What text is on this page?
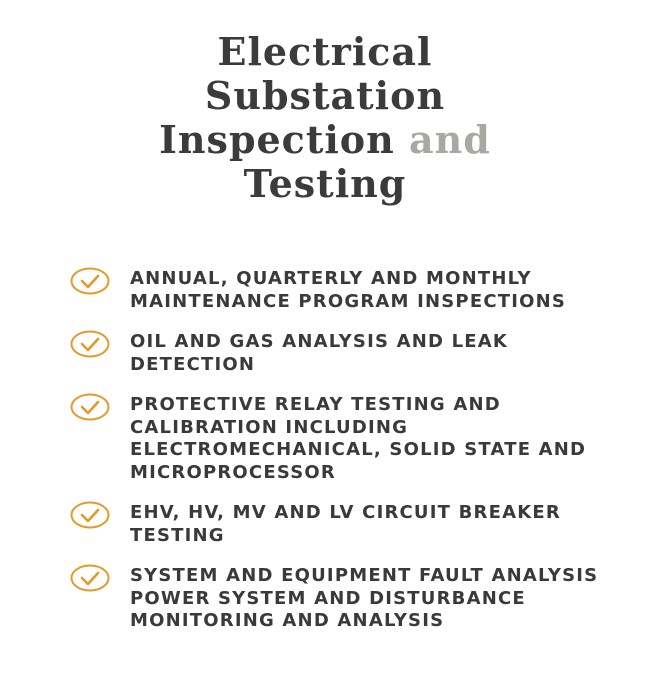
Electrical
Substation
Inspection and
Testing
ANNUAL, QUARTERLY AND MONTHLY MAINTENANCE PROGRAM INSPECTIONS
OIL AND GAS ANALYSIS AND LEAK DETECTION
PROTECTIVE RELAY TESTING AND CALIBRATION INCLUDING ELECTROMECHANICAL, SOLID STATE AND MICROPROCESSOR
EHV, HV, MV AND LV CIRCUIT BREAKER TESTING
SYSTEM AND EQUIPMENT FAULT ANALYSIS POWER SYSTEM AND DISTURBANCE MONITORING AND ANALYSIS
